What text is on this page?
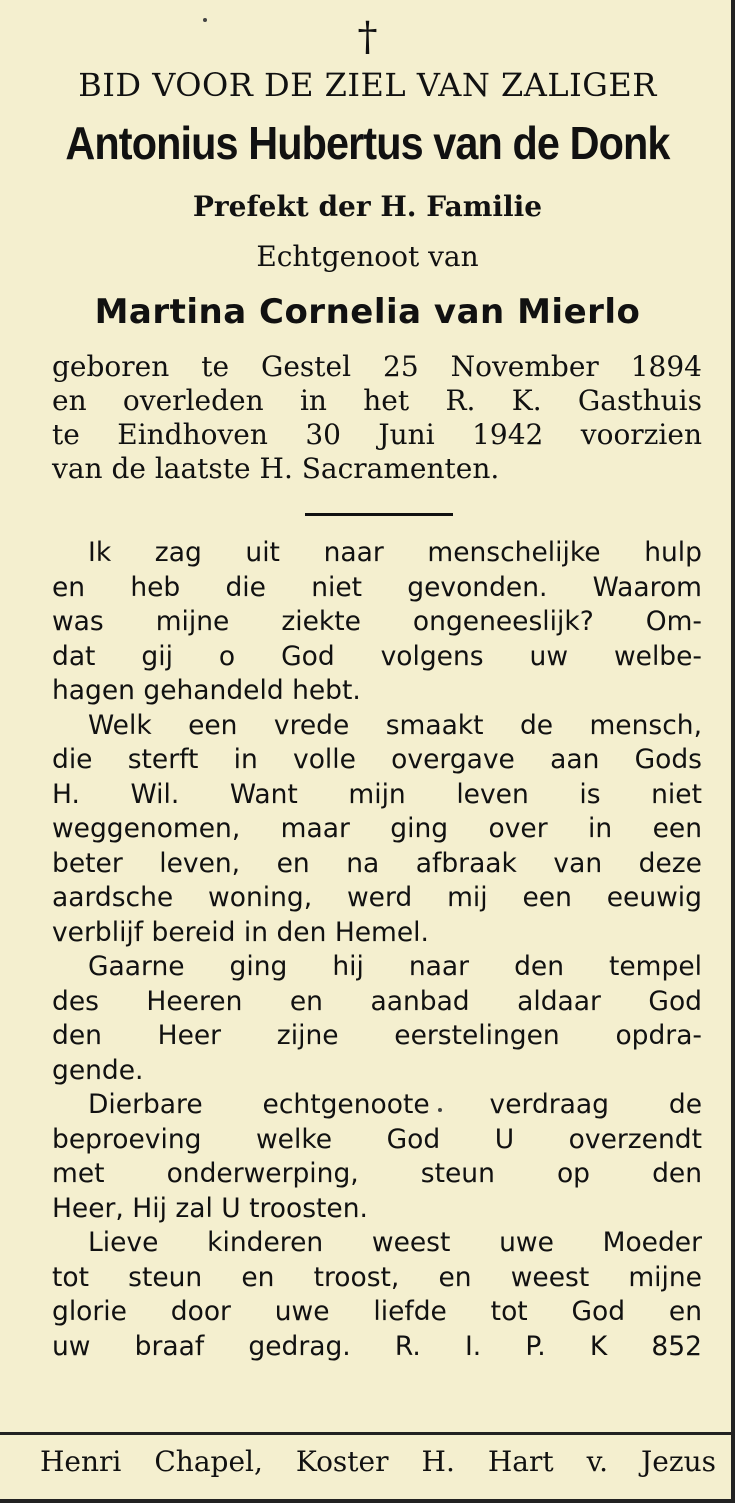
†
BID VOOR DE ZIEL VAN ZALIGER
Antonius Hubertus van de Donk
Prefekt der H. Familie
Echtgenoot van
Martina Cornelia van Mierlo
geboren te Gestel 25 November 1894
en overleden in het R. K. Gasthuis
te Eindhoven 30 Juni 1942 voorzien
van de laatste H. Sacramenten.
Ik zag uit naar menschelijke hulp
en heb die niet gevonden. Waarom
was mijne ziekte ongeneeslijk? Om-
dat gij o God volgens uw welbe-
hagen gehandeld hebt.
Welk een vrede smaakt de mensch,
die sterft in volle overgave aan Gods
H. Wil. Want mijn leven is niet
weggenomen, maar ging over in een
beter leven, en na afbraak van deze
aardsche woning, werd mij een eeuwig
verblijf bereid in den Hemel.
Gaarne ging hij naar den tempel
des Heeren en aanbad aldaar God
den Heer zijne eerstelingen opdra-
gende.
Dierbare echtgenoote verdraag de
beproeving welke God U overzendt
met onderwerping, steun op den
Heer, Hij zal U troosten.
Lieve kinderen weest uwe Moeder
tot steun en troost, en weest mijne
glorie door uwe liefde tot God en
uw braaf gedrag. R. I. P. K 852
Henri Chapel, Koster H. Hart v. Jezus
